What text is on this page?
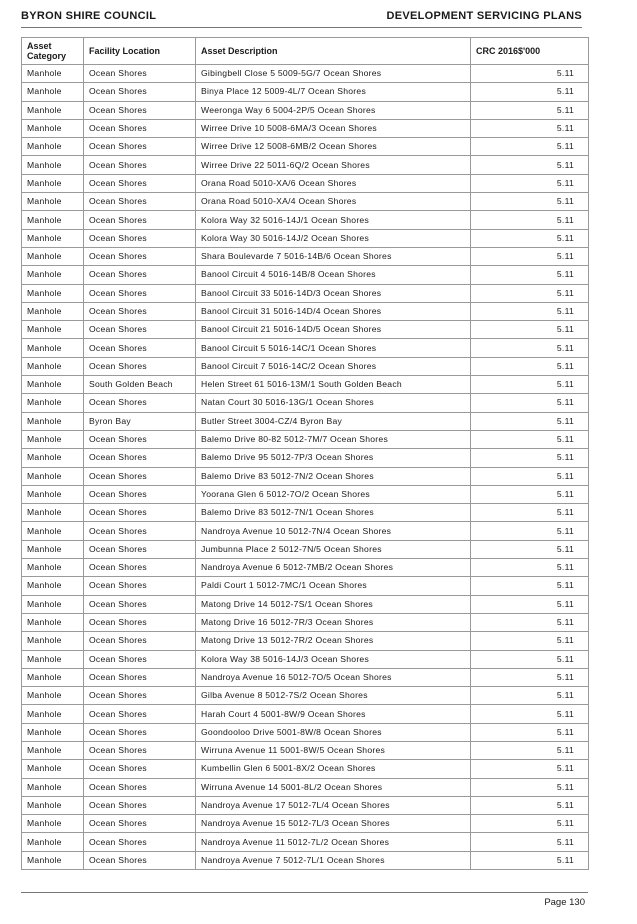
BYRON SHIRE COUNCIL	DEVELOPMENT SERVICING PLANS
Asset Category	Facility Location	Asset Description	CRC 2016$'000
Manhole	Ocean Shores	Gibingbell Close 5 5009-5G/7 Ocean Shores	5.11
Manhole	Ocean Shores	Binya Place 12 5009-4L/7 Ocean Shores	5.11
Manhole	Ocean Shores	Weeronga Way 6 5004-2P/5 Ocean Shores	5.11
Manhole	Ocean Shores	Wirree Drive 10 5008-6MA/3 Ocean Shores	5.11
Manhole	Ocean Shores	Wirree Drive 12 5008-6MB/2 Ocean Shores	5.11
Manhole	Ocean Shores	Wirree Drive 22 5011-6Q/2 Ocean Shores	5.11
Manhole	Ocean Shores	Orana Road 5010-XA/6 Ocean Shores	5.11
Manhole	Ocean Shores	Orana Road 5010-XA/4 Ocean Shores	5.11
Manhole	Ocean Shores	Kolora Way 32 5016-14J/1 Ocean Shores	5.11
Manhole	Ocean Shores	Kolora Way 30 5016-14J/2 Ocean Shores	5.11
Manhole	Ocean Shores	Shara Boulevarde 7 5016-14B/6 Ocean Shores	5.11
Manhole	Ocean Shores	Banool Circuit 4 5016-14B/8 Ocean Shores	5.11
Manhole	Ocean Shores	Banool Circuit 33 5016-14D/3 Ocean Shores	5.11
Manhole	Ocean Shores	Banool Circuit 31 5016-14D/4 Ocean Shores	5.11
Manhole	Ocean Shores	Banool Circuit 21 5016-14D/5 Ocean Shores	5.11
Manhole	Ocean Shores	Banool Circuit 5 5016-14C/1 Ocean Shores	5.11
Manhole	Ocean Shores	Banool Circuit 7 5016-14C/2 Ocean Shores	5.11
Manhole	South Golden Beach	Helen Street 61 5016-13M/1 South Golden Beach	5.11
Manhole	Ocean Shores	Natan Court 30 5016-13G/1 Ocean Shores	5.11
Manhole	Byron Bay	Butler Street 3004-CZ/4 Byron Bay	5.11
Manhole	Ocean Shores	Balemo Drive 80-82 5012-7M/7 Ocean Shores	5.11
Manhole	Ocean Shores	Balemo Drive 95 5012-7P/3 Ocean Shores	5.11
Manhole	Ocean Shores	Balemo Drive 83 5012-7N/2 Ocean Shores	5.11
Manhole	Ocean Shores	Yoorana Glen 6 5012-7O/2 Ocean Shores	5.11
Manhole	Ocean Shores	Balemo Drive 83 5012-7N/1 Ocean Shores	5.11
Manhole	Ocean Shores	Nandroya Avenue 10 5012-7N/4 Ocean Shores	5.11
Manhole	Ocean Shores	Jumbunna Place 2 5012-7N/5 Ocean Shores	5.11
Manhole	Ocean Shores	Nandroya Avenue 6 5012-7MB/2 Ocean Shores	5.11
Manhole	Ocean Shores	Paldi Court 1 5012-7MC/1 Ocean Shores	5.11
Manhole	Ocean Shores	Matong Drive 14 5012-7S/1 Ocean Shores	5.11
Manhole	Ocean Shores	Matong Drive 16 5012-7R/3 Ocean Shores	5.11
Manhole	Ocean Shores	Matong Drive 13 5012-7R/2 Ocean Shores	5.11
Manhole	Ocean Shores	Kolora Way 38 5016-14J/3 Ocean Shores	5.11
Manhole	Ocean Shores	Nandroya Avenue 16 5012-7O/5 Ocean Shores	5.11
Manhole	Ocean Shores	Gilba Avenue 8 5012-7S/2 Ocean Shores	5.11
Manhole	Ocean Shores	Harah Court 4 5001-8W/9 Ocean Shores	5.11
Manhole	Ocean Shores	Goondooloo Drive 5001-8W/8 Ocean Shores	5.11
Manhole	Ocean Shores	Wirruna Avenue 11 5001-8W/5 Ocean Shores	5.11
Manhole	Ocean Shores	Kumbellin Glen 6 5001-8X/2 Ocean Shores	5.11
Manhole	Ocean Shores	Wirruna Avenue 14 5001-8L/2 Ocean Shores	5.11
Manhole	Ocean Shores	Nandroya Avenue 17 5012-7L/4 Ocean Shores	5.11
Manhole	Ocean Shores	Nandroya Avenue 15 5012-7L/3 Ocean Shores	5.11
Manhole	Ocean Shores	Nandroya Avenue 11 5012-7L/2 Ocean Shores	5.11
Manhole	Ocean Shores	Nandroya Avenue 7 5012-7L/1 Ocean Shores	5.11
Page 130
